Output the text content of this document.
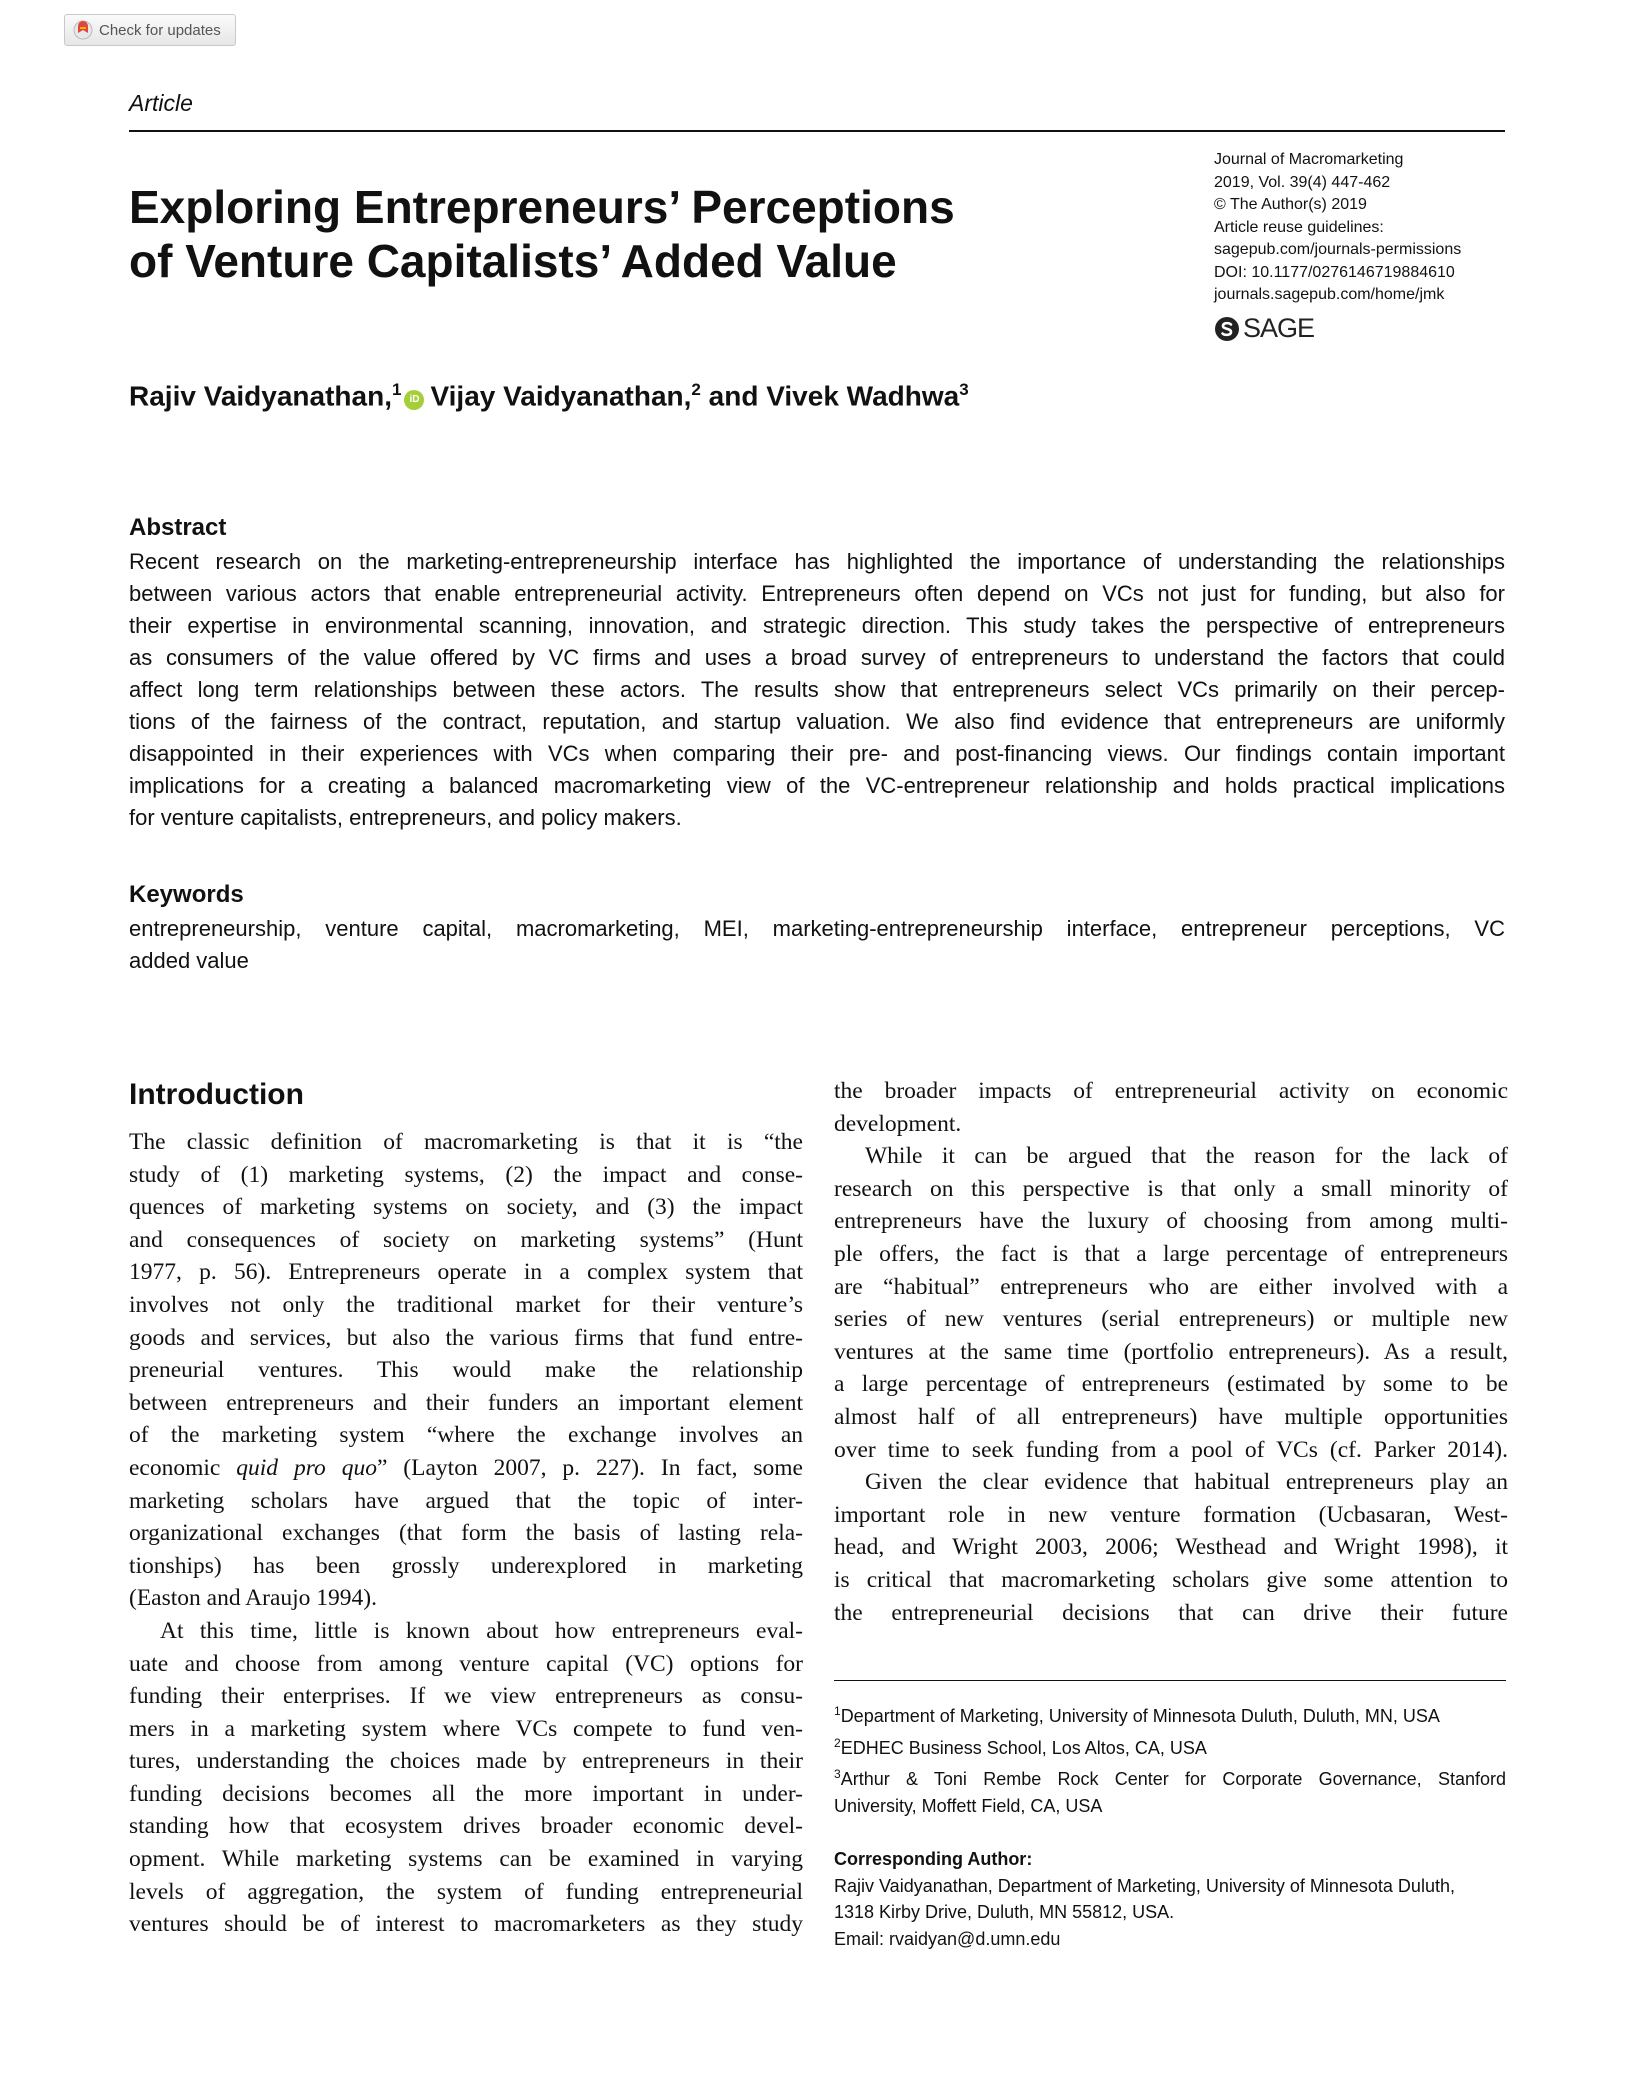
Check for updates
Article
Exploring Entrepreneurs’ Perceptions
of Venture Capitalists’ Added Value
Journal of Macromarketing
2019, Vol. 39(4) 447-462
© The Author(s) 2019
Article reuse guidelines:
sagepub.com/journals-permissions
DOI: 10.1177/0276146719884610
journals.sagepub.com/home/jmk
SAGE
Rajiv Vaidyanathan,$^1$iD Vijay Vaidyanathan,$^2$ and Vivek Wadhwa$^3$
Abstract
Recent research on the marketing-entrepreneurship interface has highlighted the importance of understanding the relationships
between various actors that enable entrepreneurial activity. Entrepreneurs often depend on VCs not just for funding, but also for
their expertise in environmental scanning, innovation, and strategic direction. This study takes the perspective of entrepreneurs
as consumers of the value offered by VC firms and uses a broad survey of entrepreneurs to understand the factors that could
affect long term relationships between these actors. The results show that entrepreneurs select VCs primarily on their percep-
tions of the fairness of the contract, reputation, and startup valuation. We also find evidence that entrepreneurs are uniformly
disappointed in their experiences with VCs when comparing their pre- and post-financing views. Our findings contain important
implications for a creating a balanced macromarketing view of the VC-entrepreneur relationship and holds practical implications
for venture capitalists, entrepreneurs, and policy makers.
Keywords
entrepreneurship, venture capital, macromarketing, MEI, marketing-entrepreneurship interface, entrepreneur perceptions, VC
added value
Introduction
The classic definition of macromarketing is that it is “the
study of (1) marketing systems, (2) the impact and conse-
quences of marketing systems on society, and (3) the impact
and consequences of society on marketing systems” (Hunt
1977, p. 56). Entrepreneurs operate in a complex system that
involves not only the traditional market for their venture’s
goods and services, but also the various firms that fund entre-
preneurial ventures. This would make the relationship
between entrepreneurs and their funders an important element
of the marketing system “where the exchange involves an
economic quid pro quo” (Layton 2007, p. 227). In fact, some
marketing scholars have argued that the topic of inter-
organizational exchanges (that form the basis of lasting rela-
tionships) has been grossly underexplored in marketing
(Easton and Araujo 1994).
At this time, little is known about how entrepreneurs eval-
uate and choose from among venture capital (VC) options for
funding their enterprises. If we view entrepreneurs as consu-
mers in a marketing system where VCs compete to fund ven-
tures, understanding the choices made by entrepreneurs in their
funding decisions becomes all the more important in under-
standing how that ecosystem drives broader economic devel-
opment. While marketing systems can be examined in varying
levels of aggregation, the system of funding entrepreneurial
ventures should be of interest to macromarketers as they study
the broader impacts of entrepreneurial activity on economic
development.
While it can be argued that the reason for the lack of
research on this perspective is that only a small minority of
entrepreneurs have the luxury of choosing from among multi-
ple offers, the fact is that a large percentage of entrepreneurs
are “habitual” entrepreneurs who are either involved with a
series of new ventures (serial entrepreneurs) or multiple new
ventures at the same time (portfolio entrepreneurs). As a result,
a large percentage of entrepreneurs (estimated by some to be
almost half of all entrepreneurs) have multiple opportunities
over time to seek funding from a pool of VCs (cf. Parker 2014).
Given the clear evidence that habitual entrepreneurs play an
important role in new venture formation (Ucbasaran, West-
head, and Wright 2003, 2006; Westhead and Wright 1998), it
is critical that macromarketing scholars give some attention to
the entrepreneurial decisions that can drive their future
$^1$Department of Marketing, University of Minnesota Duluth, Duluth, MN, USA
$^2$EDHEC Business School, Los Altos, CA, USA
$^3$Arthur & Toni Rembe Rock Center for Corporate Governance, Stanford
University, Moffett Field, CA, USA
Corresponding Author:
Rajiv Vaidyanathan, Department of Marketing, University of Minnesota Duluth,
1318 Kirby Drive, Duluth, MN 55812, USA.
Email: rvaidyan@d.umn.edu
